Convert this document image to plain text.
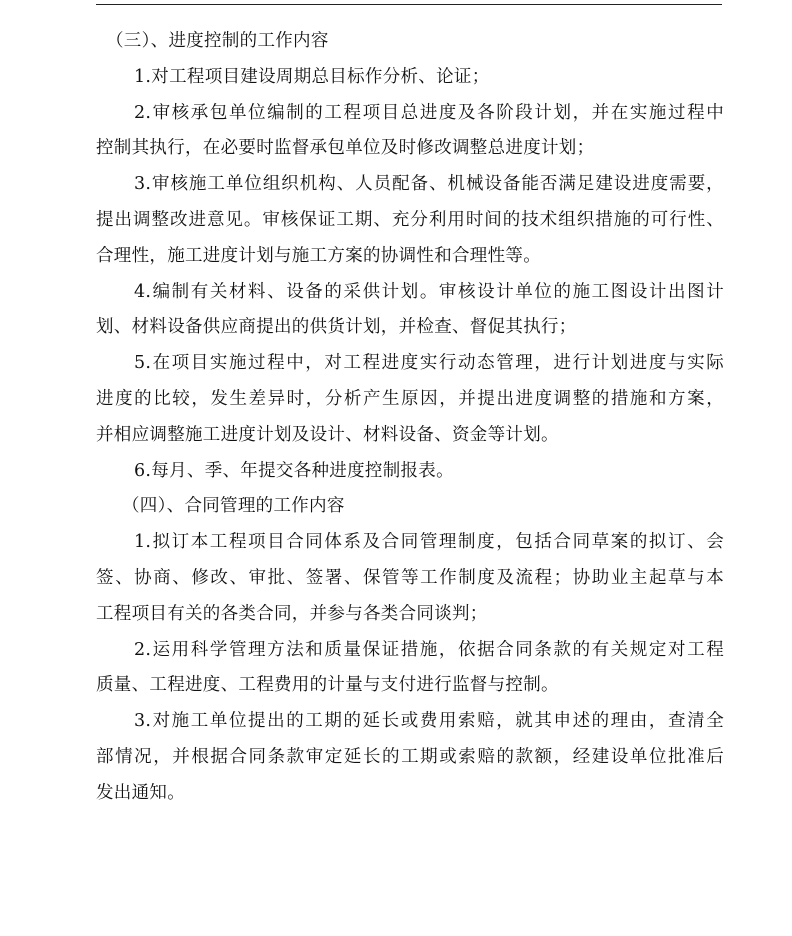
（三）、进度控制的工作内容
1.对工程项目建设周期总目标作分析、论证；
2.审核承包单位编制的工程项目总进度及各阶段计划，并在实施过程中
控制其执行，在必要时监督承包单位及时修改调整总进度计划；
3.审核施工单位组织机构、人员配备、机械设备能否满足建设进度需要，
提出调整改进意见。审核保证工期、充分利用时间的技术组织措施的可行性、
合理性，施工进度计划与施工方案的协调性和合理性等。
4.编制有关材料、设备的采供计划。审核设计单位的施工图设计出图计
划、材料设备供应商提出的供货计划，并检查、督促其执行；
5.在项目实施过程中，对工程进度实行动态管理，进行计划进度与实际
进度的比较，发生差异时，分析产生原因，并提出进度调整的措施和方案，
并相应调整施工进度计划及设计、材料设备、资金等计划。
6.每月、季、年提交各种进度控制报表。
（四）、合同管理的工作内容
1.拟订本工程项目合同体系及合同管理制度，包括合同草案的拟订、会
签、协商、修改、审批、签署、保管等工作制度及流程；协助业主起草与本
工程项目有关的各类合同，并参与各类合同谈判；
2.运用科学管理方法和质量保证措施，依据合同条款的有关规定对工程
质量、工程进度、工程费用的计量与支付进行监督与控制。
3.对施工单位提出的工期的延长或费用索赔，就其申述的理由，查清全
部情况，并根据合同条款审定延长的工期或索赔的款额，经建设单位批准后
发出通知。
